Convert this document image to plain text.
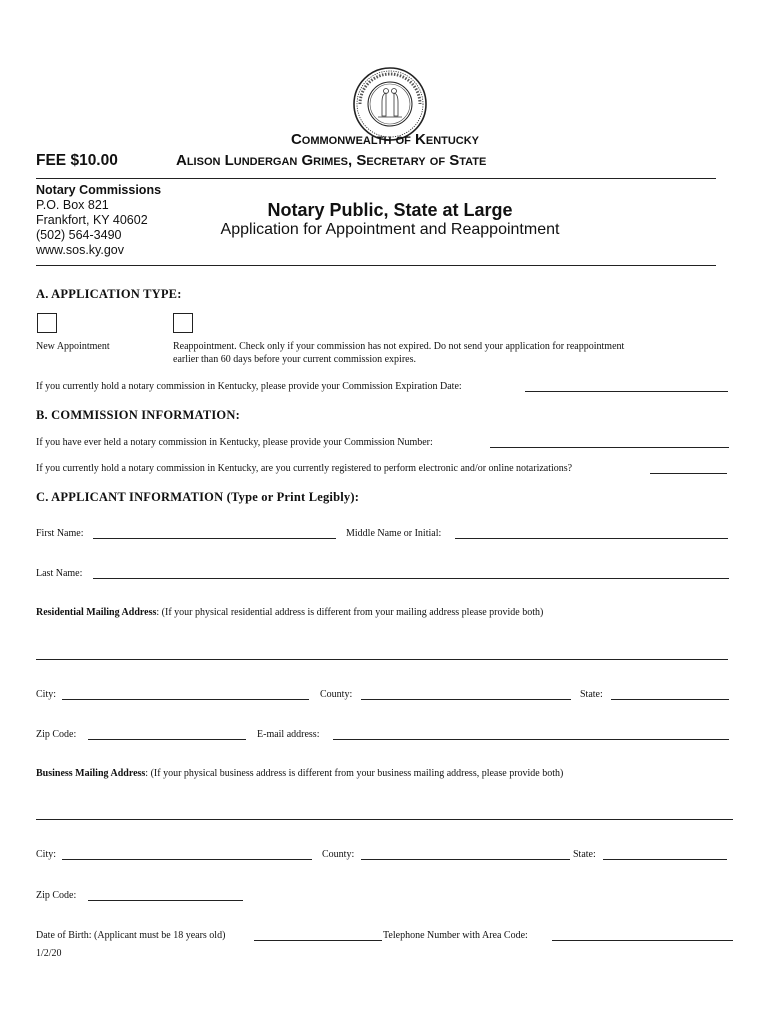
FEE $10.00
Commonwealth of Kentucky
Alison Lundergan Grimes, Secretary of State
Notary Commissions
P.O. Box 821
Frankfort, KY 40602
(502) 564-3490
www.sos.ky.gov
Notary Public, State at Large
Application for Appointment and Reappointment
A. APPLICATION TYPE:
New Appointment	Reappointment. Check only if your commission has not expired. Do not send your application for reappointment
earlier than 60 days before your current commission expires.
If you currently hold a notary commission in Kentucky, please provide your Commission Expiration Date:
B. COMMISSION INFORMATION:
If you have ever held a notary commission in Kentucky, please provide your Commission Number:
If you currently hold a notary commission in Kentucky, are you currently registered to perform electronic and/or online notarizations?
C. APPLICANT INFORMATION (Type or Print Legibly):
First Name:	Middle Name or Initial:
Last Name:
Residential Mailing Address: (If your physical residential address is different from your mailing address please provide both)
City:	County:	State:
Zip Code:	E-mail address:
Business Mailing Address: (If your physical business address is different from your business mailing address, please provide both)
City:	County:	State:
Zip Code:
Date of Birth: (Applicant must be 18 years old)	Telephone Number with Area Code:
1/2/20
